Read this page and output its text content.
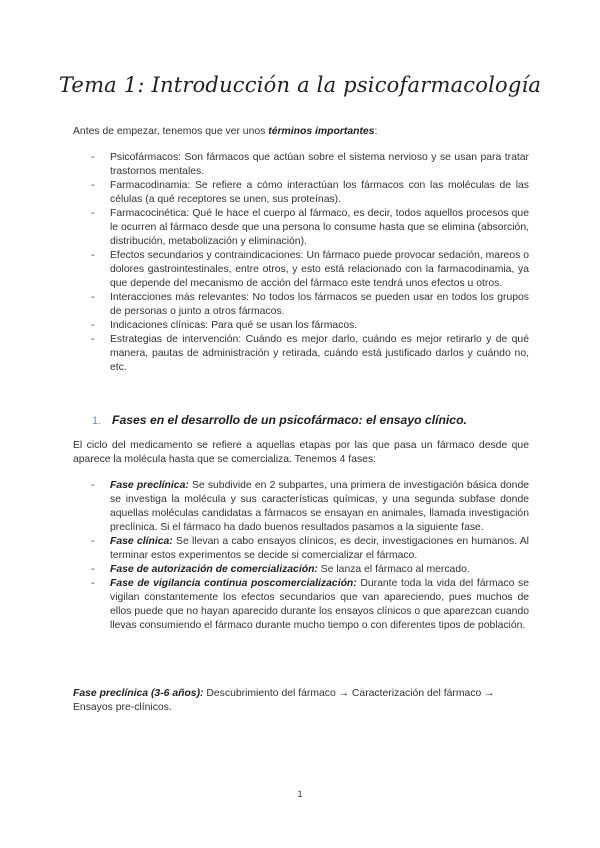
Tema 1: Introducción a la psicofarmacología
Antes de empezar, tenemos que ver unos términos importantes:
- Psicofármacos: Son fármacos que actúan sobre el sistema nervioso y se usan para tratar trastornos mentales.
- Farmacodinamia: Se refiere a cómo interactúan los fármacos con las moléculas de las células (a qué receptores se unen, sus proteínas).
- Farmacocinética: Qué le hace el cuerpo al fármaco, es decir, todos aquellos procesos que le ocurren al fármaco desde que una persona lo consume hasta que se elimina (absorción, distribución, metabolización y eliminación).
- Efectos secundarios y contraindicaciones: Un fármaco puede provocar sedación, mareos o dolores gastrointestinales, entre otros, y esto está relacionado con la farmacodinamia, ya que depende del mecanismo de acción del fármaco este tendrá unos efectos u otros.
- Interacciones más relevantes: No todos los fármacos se pueden usar en todos los grupos de personas o junto a otros fármacos.
- Indicaciones clínicas: Para qué se usan los fármacos.
- Estrategias de intervención: Cuándo es mejor darlo, cuándo es mejor retirarlo y de qué manera, pautas de administración y retirada, cuándo está justificado darlos y cuándo no, etc.
1. Fases en el desarrollo de un psicofármaco: el ensayo clínico.
El ciclo del medicamento se refiere a aquellas etapas por las que pasa un fármaco desde que aparece la molécula hasta que se comercializa. Tenemos 4 fases:
- Fase preclínica: Se subdivide en 2 subpartes, una primera de investigación básica donde se investiga la molécula y sus características químicas, y una segunda subfase donde aquellas moléculas candidatas a fármacos se ensayan en animales, llamada investigación preclínica. Si el fármaco ha dado buenos resultados pasamos a la siguiente fase.
- Fase clínica: Se llevan a cabo ensayos clínicos, es decir, investigaciones en humanos. Al terminar estos experimentos se decide si comercializar el fármaco.
- Fase de autorización de comercialización: Se lanza el fármaco al mercado.
- Fase de vigilancia continua poscomercialización: Durante toda la vida del fármaco se vigilan constantemente los efectos secundarios que van apareciendo, pues muchos de ellos puede que no hayan aparecido durante los ensayos clínicos o que aparezcan cuando llevas consumiendo el fármaco durante mucho tiempo o con diferentes tipos de población.
Fase preclínica (3-6 años): Descubrimiento del fármaco → Caracterización del fármaco → Ensayos pre-clínicos.
1
